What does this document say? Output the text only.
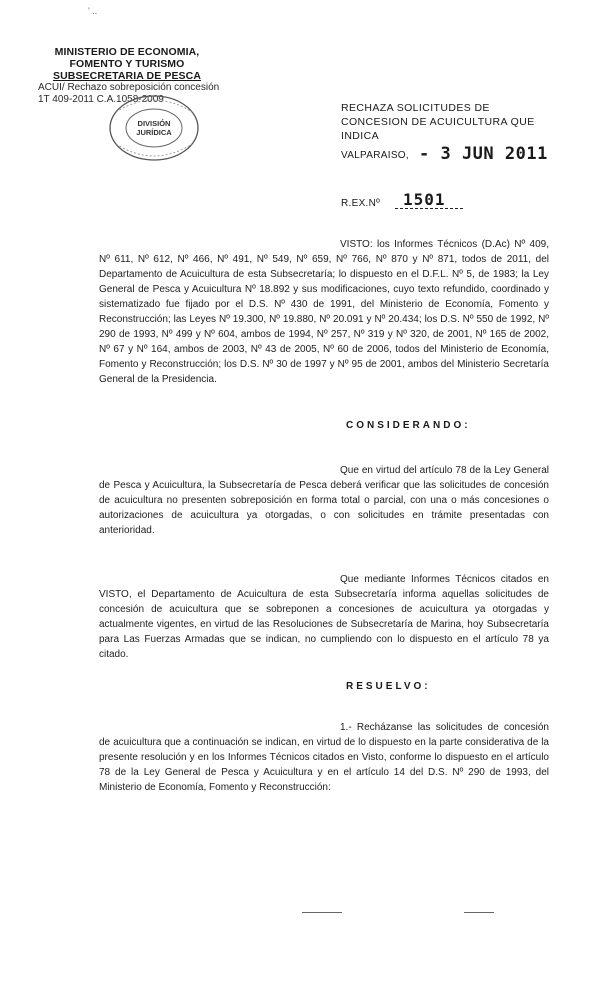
' ..
MINISTERIO DE ECONOMIA,
FOMENTO Y TURISMO
SUBSECRETARIA DE PESCA
ACUI/ Rechazo sobreposición concesión
1T 409-2011 C.A.1058-2009
DIVISIÓN
JURÍDICA
RECHAZA SOLICITUDES DE CONCESION DE ACUICULTURA QUE INDICA
VALPARAISO, - 3 JUN 2011
R.EX.Nº 1501
VISTO: los Informes Técnicos (D.Ac) Nº 409, Nº 611, Nº 612, Nº 466, Nº 491, Nº 549, Nº 659, Nº 766, Nº 870 y Nº 871, todos de 2011, del Departamento de Acuicultura de esta Subsecretaría; lo dispuesto en el D.F.L. Nº 5, de 1983; la Ley General de Pesca y Acuicultura Nº 18.892 y sus modificaciones, cuyo texto refundido, coordinado y sistematizado fue fijado por el D.S. Nº 430 de 1991, del Ministerio de Economía, Fomento y Reconstrucción; las Leyes Nº 19.300, Nº 19.880, Nº 20.091 y Nº 20.434; los D.S. Nº 550 de 1992, Nº 290 de 1993, Nº 499 y Nº 604, ambos de 1994, Nº 257, Nº 319 y Nº 320, de 2001, Nº 165 de 2002, Nº 67 y Nº 164, ambos de 2003, Nº 43 de 2005, Nº 60 de 2006, todos del Ministerio de Economía, Fomento y Reconstrucción; los D.S. Nº 30 de 1997 y Nº 95 de 2001, ambos del Ministerio Secretaría General de la Presidencia.
CONSIDERANDO:
Que en virtud del artículo 78 de la Ley General de Pesca y Acuicultura, la Subsecretaría de Pesca deberá verificar que las solicitudes de concesión de acuicultura no presenten sobreposición en forma total o parcial, con una o más concesiones o autorizaciones de acuicultura ya otorgadas, o con solicitudes en trámite presentadas con anterioridad.
Que mediante Informes Técnicos citados en VISTO, el Departamento de Acuicultura de esta Subsecretaría informa aquellas solicitudes de concesión de acuicultura que se sobreponen a concesiones de acuicultura ya otorgadas y actualmente vigentes, en virtud de las Resoluciones de Subsecretaría de Marina, hoy Subsecretaría para Las Fuerzas Armadas que se indican, no cumpliendo con lo dispuesto en el artículo 78 ya citado.
RESUELVO:
1.- Recházanse las solicitudes de concesión de acuicultura que a continuación se indican, en virtud de lo dispuesto en la parte considerativa de la presente resolución y en los Informes Técnicos citados en Visto, conforme lo dispuesto en el artículo 78 de la Ley General de Pesca y Acuicultura y en el artículo 14 del D.S. Nº 290 de 1993, del Ministerio de Economía, Fomento y Reconstrucción:
